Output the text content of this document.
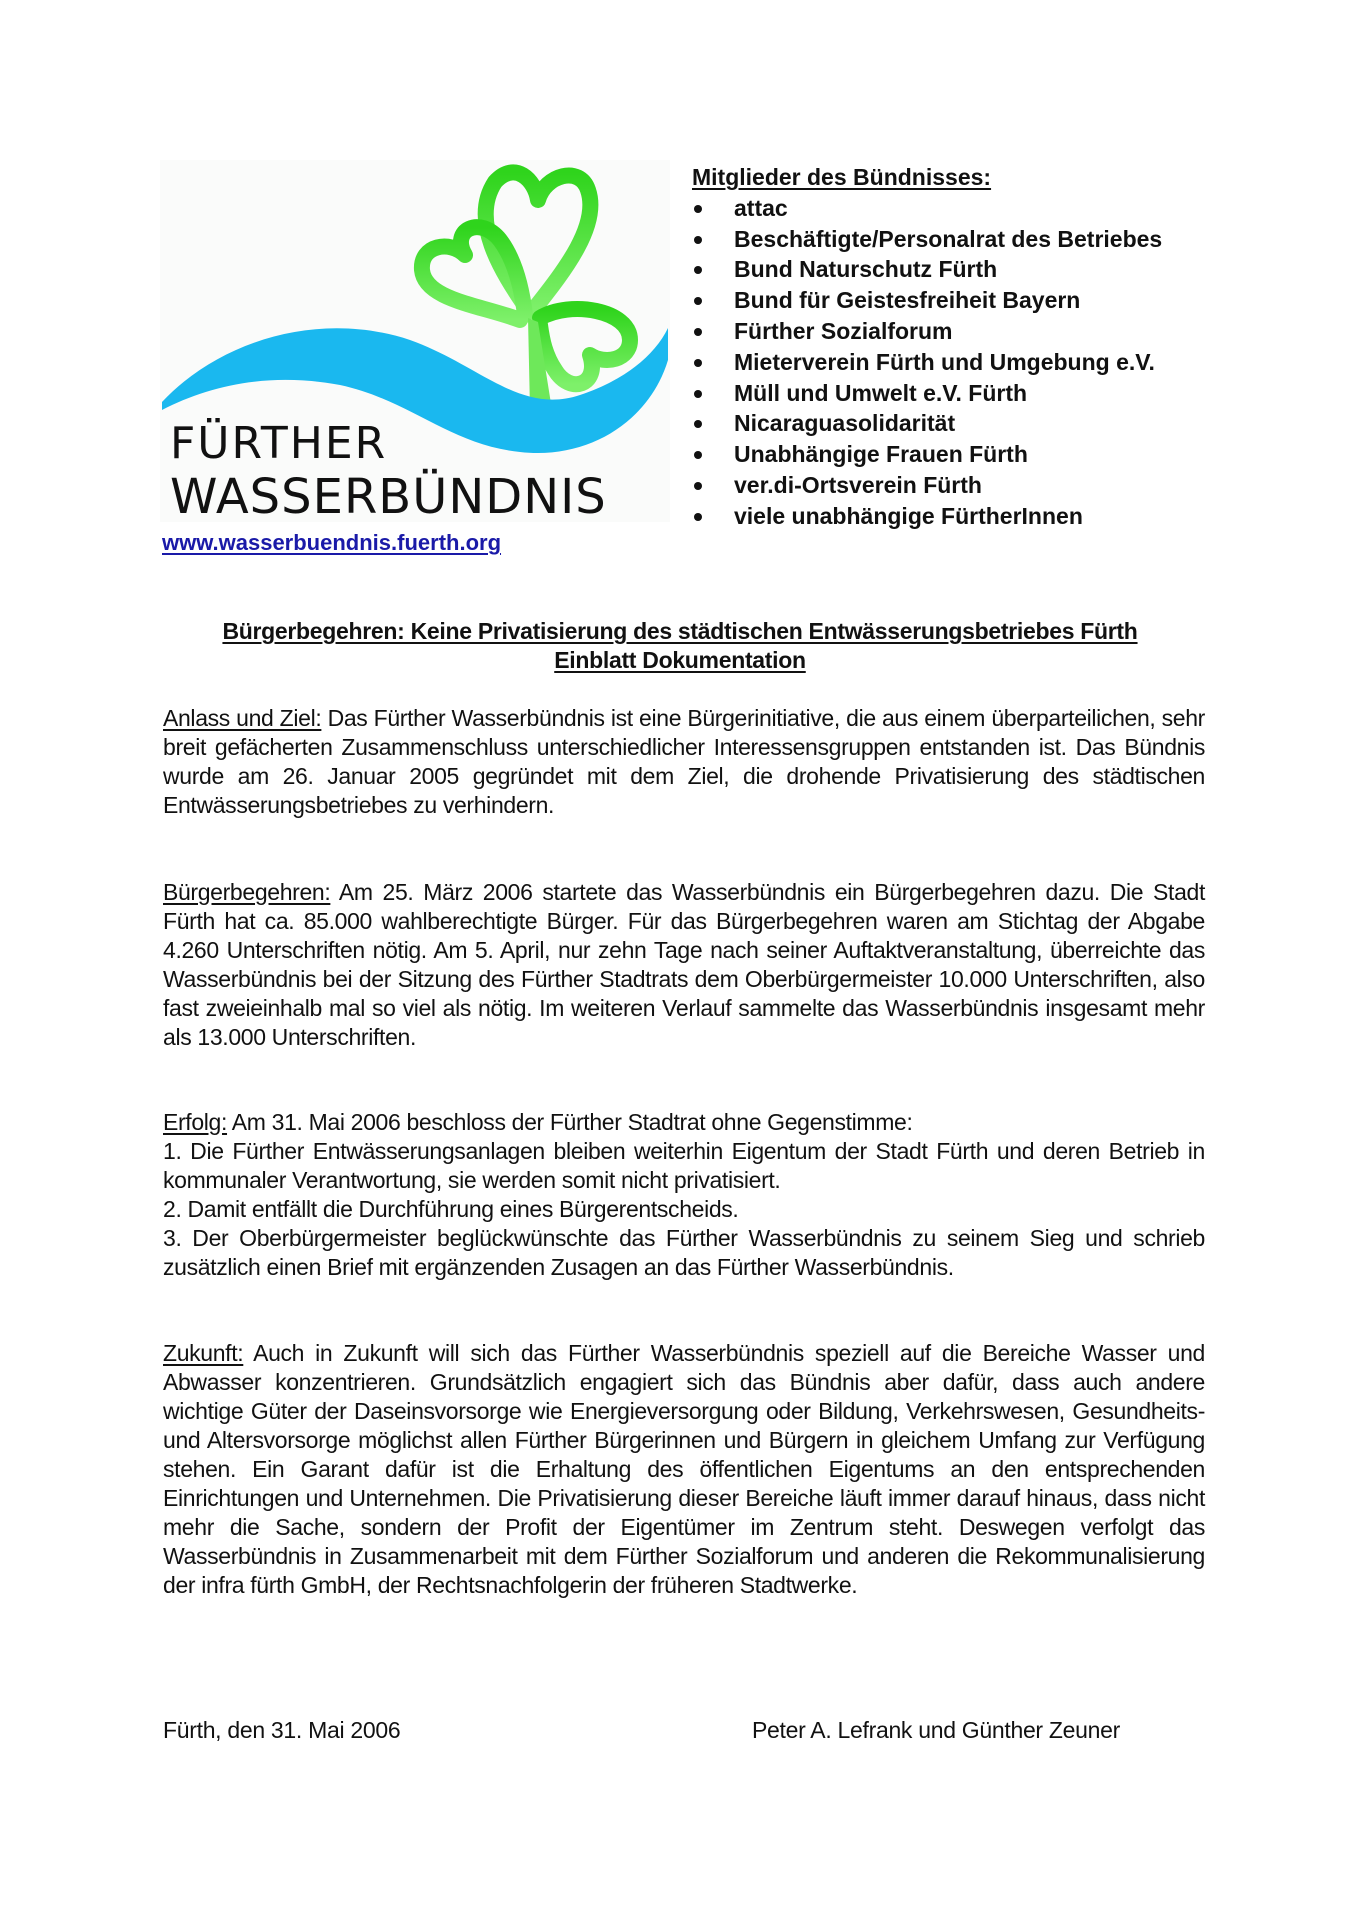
FÜRTHER
WASSERBÜNDNIS
www.wasserbuendnis.fuerth.org
Mitglieder des Bündnisses:
attac
Beschäftigte/Personalrat des Betriebes
Bund Naturschutz Fürth
Bund für Geistesfreiheit Bayern
Fürther Sozialforum
Mieterverein Fürth und Umgebung e.V.
Müll und Umwelt e.V. Fürth
Nicaraguasolidarität
Unabhängige Frauen Fürth
ver.di-Ortsverein Fürth
viele unabhängige FürtherInnen
Bürgerbegehren: Keine Privatisierung des städtischen Entwässerungsbetriebes Fürth
Einblatt Dokumentation
Anlass und Ziel: Das Fürther Wasserbündnis ist eine Bürgerinitiative, die aus einem überparteilichen, sehr breit gefächerten Zusammenschluss unterschiedlicher Interessensgruppen entstanden ist. Das Bündnis wurde am 26. Januar 2005 gegründet mit dem Ziel, die drohende Privatisierung des städtischen Entwässerungsbetriebes zu verhindern.
Bürgerbegehren: Am 25. März 2006 startete das Wasserbündnis ein Bürgerbegehren dazu. Die Stadt Fürth hat ca. 85.000 wahlberechtigte Bürger. Für das Bürgerbegehren waren am Stichtag der Abgabe 4.260 Unterschriften nötig. Am 5. April, nur zehn Tage nach seiner Auftaktveranstaltung, überreichte das Wasserbündnis bei der Sitzung des Fürther Stadtrats dem Oberbürgermeister 10.000 Unterschriften, also fast zweieinhalb mal so viel als nötig. Im weiteren Verlauf sammelte das Wasserbündnis insgesamt mehr als 13.000 Unterschriften.

Erfolg: Am 31. Mai 2006 beschloss der Fürther Stadtrat ohne Gegenstimme:

1. Die Fürther Entwässerungsanlagen bleiben weiterhin Eigentum der Stadt Fürth und deren Betrieb in kommunaler Verantwortung, sie werden somit nicht privatisiert.

2. Damit entfällt die Durchführung eines Bürgerentscheids.

3. Der Oberbürgermeister beglückwünschte das Fürther Wasserbündnis zu seinem Sieg und schrieb zusätzlich einen Brief mit ergänzenden Zusagen an das Fürther Wasserbündnis.

Zukunft: Auch in Zukunft will sich das Fürther Wasserbündnis speziell auf die Bereiche Wasser und Abwasser konzentrieren. Grundsätzlich engagiert sich das Bündnis aber dafür, dass auch andere wichtige Güter der Daseinsvorsorge wie Energieversorgung oder Bildung, Verkehrswesen, Gesundheits- und Altersvorsorge möglichst allen Fürther Bürgerinnen und Bürgern in gleichem Umfang zur Verfügung stehen. Ein Garant dafür ist die Erhaltung des öffentlichen Eigentums an den entsprechenden Einrichtungen und Unternehmen. Die Privatisierung dieser Bereiche läuft immer darauf hinaus, dass nicht mehr die Sache, sondern der Profit der Eigentümer im Zentrum steht. Deswegen verfolgt das Wasserbündnis in Zusammenarbeit mit dem Fürther Sozialforum und anderen die Rekommunalisierung der infra fürth GmbH, der Rechtsnachfolgerin der früheren Stadtwerke.
Fürth, den 31. Mai 2006	Peter A. Lefrank und Günther Zeuner
